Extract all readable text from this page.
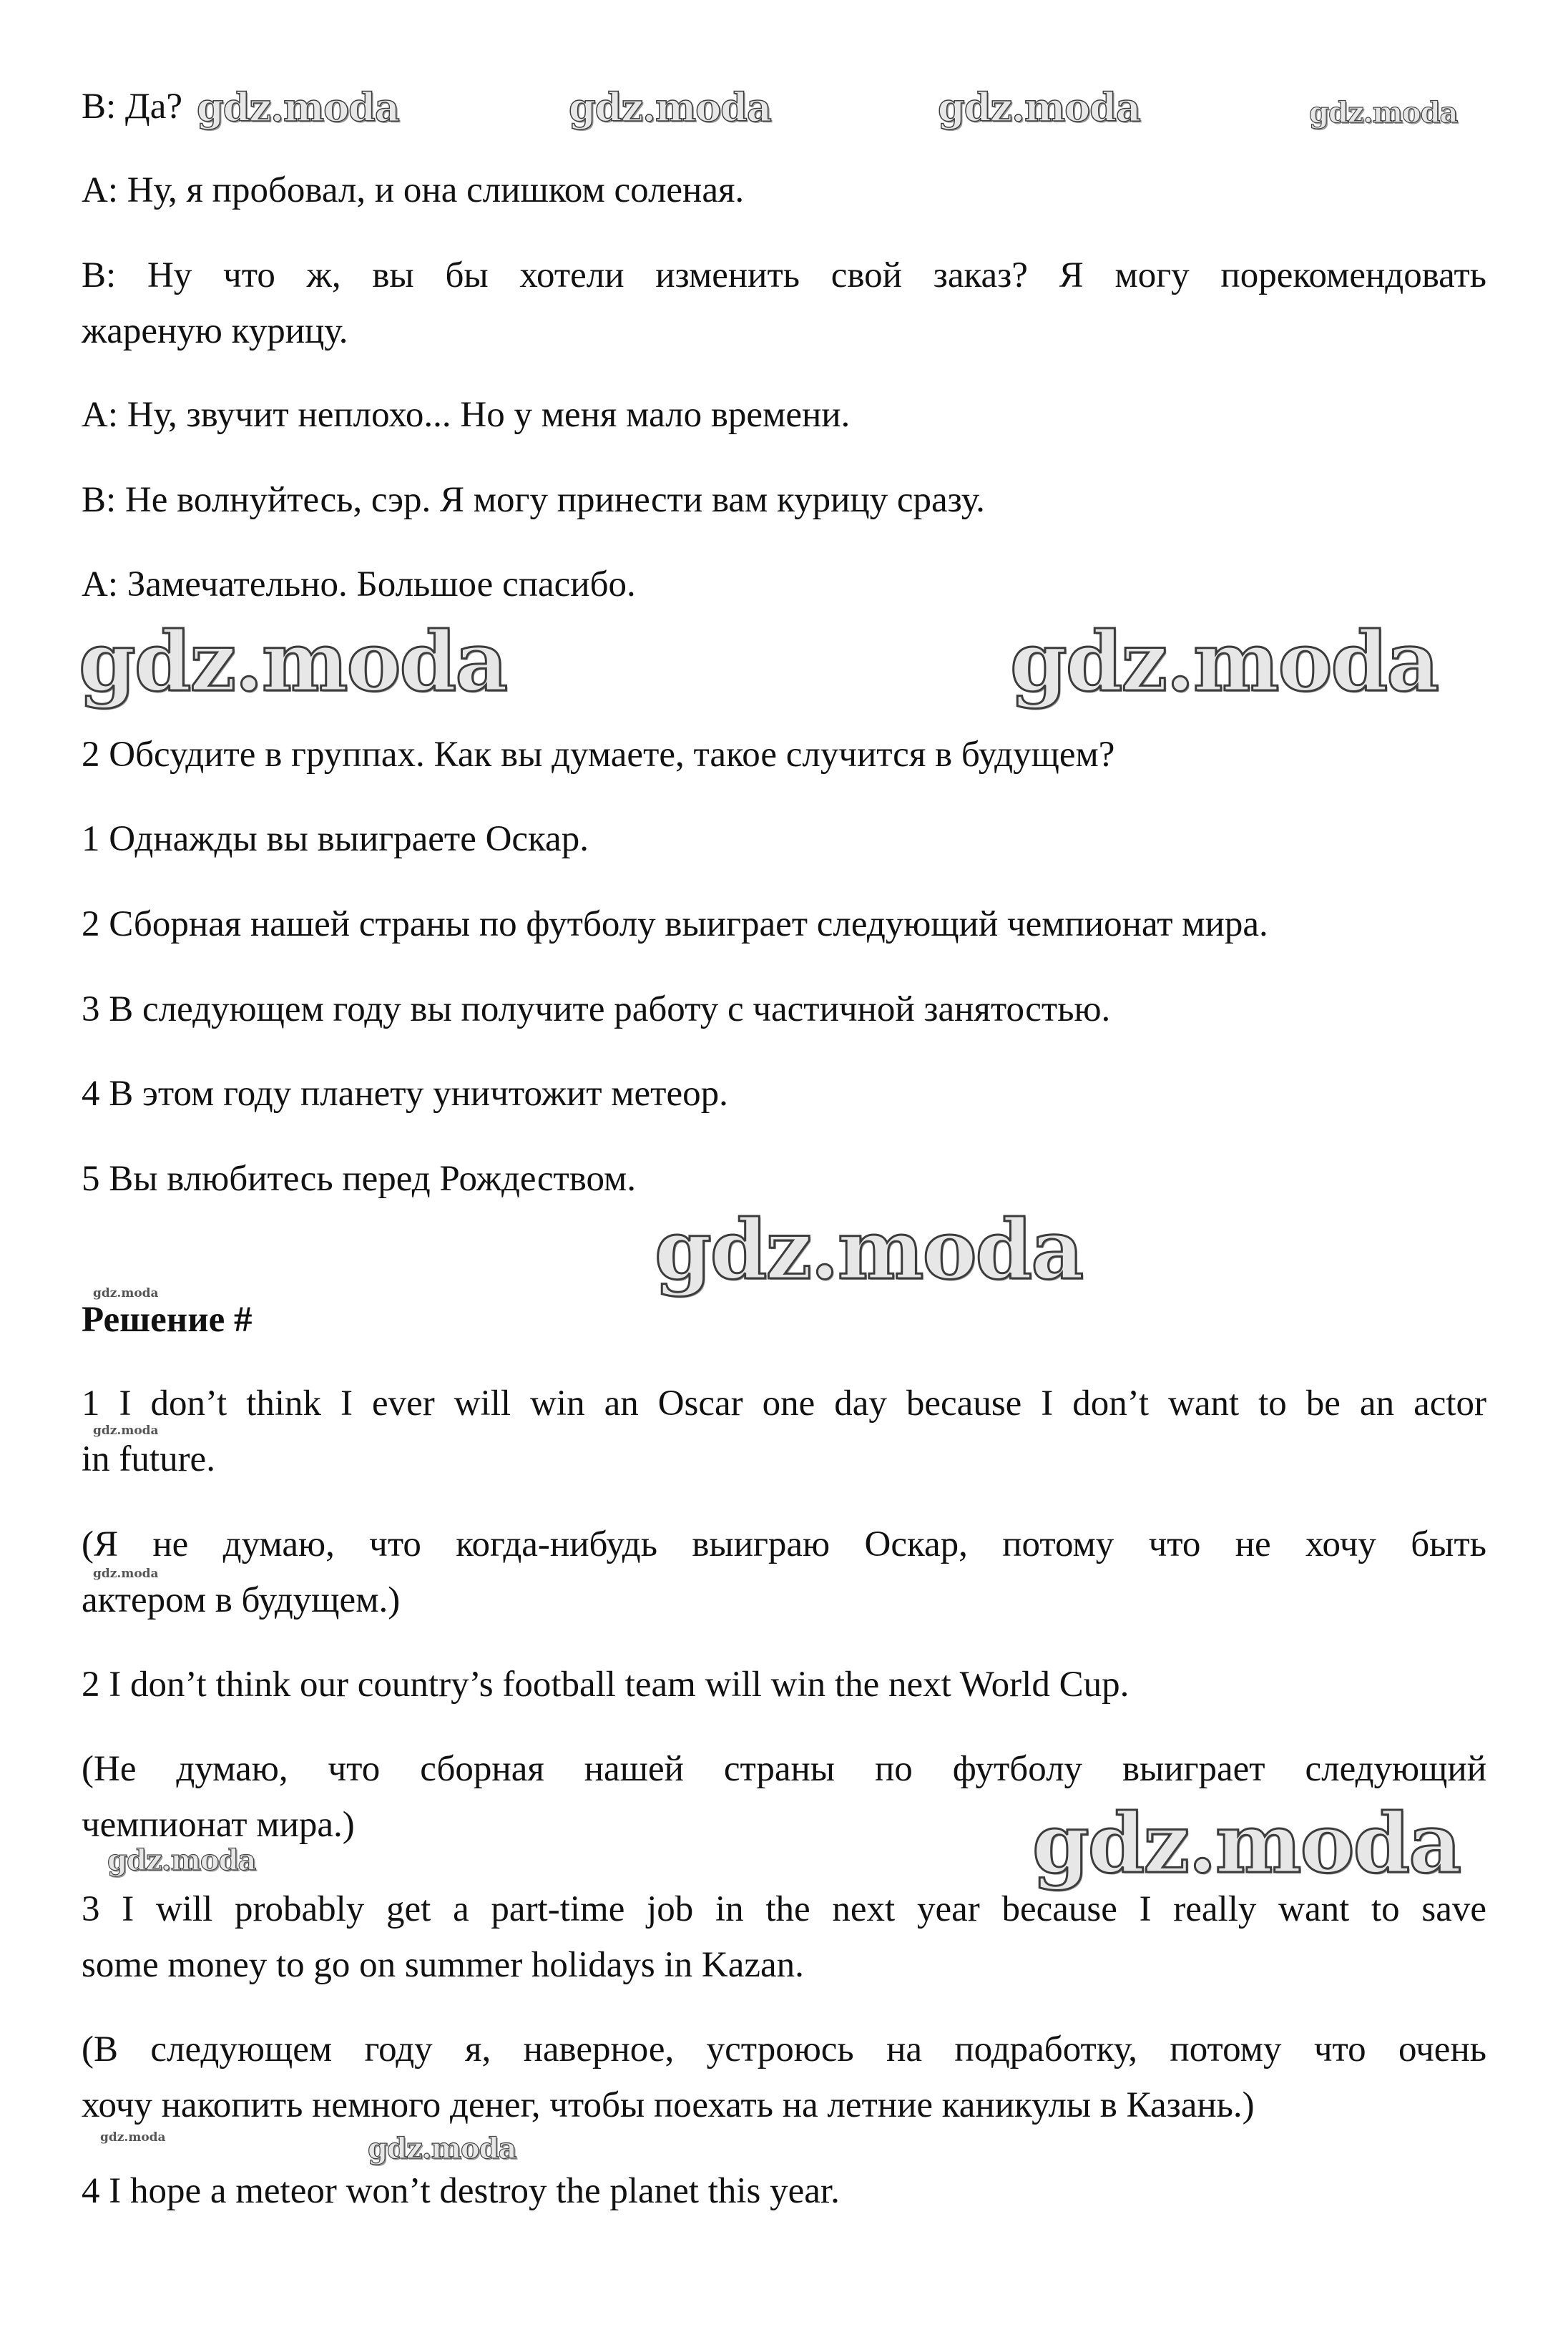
B: Да?
A: Ну, я пробовал, и она слишком соленая.
B: Ну что ж, вы бы хотели изменить свой заказ? Я могу порекомендовать
жареную курицу.
A: Ну, звучит неплохо... Но у меня мало времени.
B: Не волнуйтесь, сэр. Я могу принести вам курицу сразу.
A: Замечательно. Большое спасибо.
2 Обсудите в группах. Как вы думаете, такое случится в будущем?
1 Однажды вы выиграете Оскар.
2 Сборная нашей страны по футболу выиграет следующий чемпионат мира.
3 В следующем году вы получите работу с частичной занятостью.
4 В этом году планету уничтожит метеор.
5 Вы влюбитесь перед Рождеством.
Решение #
1 I don’t think I ever will win an Oscar one day because I don’t want to be an actor
in future.
(Я не думаю, что когда-нибудь выиграю Оскар, потому что не хочу быть
актером в будущем.)
2 I don’t think our country’s football team will win the next World Cup.
(Не думаю, что сборная нашей страны по футболу выиграет следующий
чемпионат мира.)
3 I will probably get a part-time job in the next year because I really want to save
some money to go on summer holidays in Kazan.
(В следующем году я, наверное, устроюсь на подработку, потому что очень
хочу накопить немного денег, чтобы поехать на летние каникулы в Казань.)
4 I hope a meteor won’t destroy the planet this year.
gdz.moda	gdz.moda	gdz.moda	gdz.moda
gdz.moda	gdz.moda
gdz.moda
gdz.moda
gdz.moda
gdz.moda
gdz.moda
gdz.moda
gdz.moda
gdz.moda
